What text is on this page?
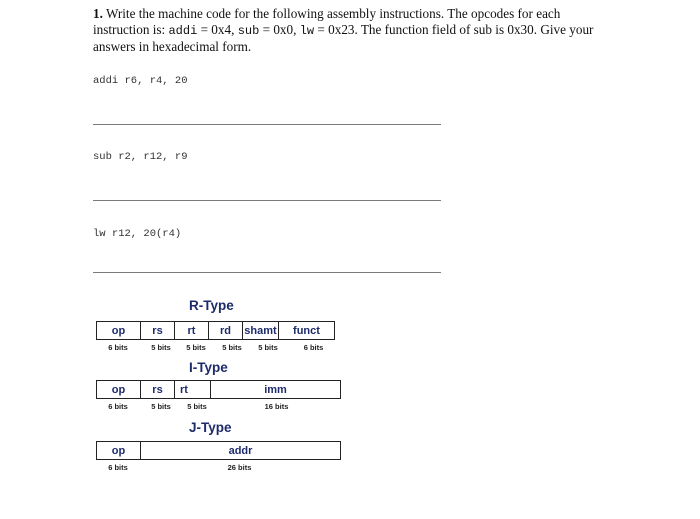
1. Write the machine code for the following assembly instructions. The opcodes for each instruction is: addi = 0x4, sub = 0x0, lw = 0x23. The function field of sub is 0x30. Give your answers in hexadecimal form.
addi r6, r4, 20
sub r2, r12, r9
lw r12, 20(r4)
R-Type
op	rs	rt	rd	shamt	funct
6 bits	5 bits	5 bits	5 bits	5 bits	6 bits
I-Type
op	rs	rt	imm
6 bits	5 bits	5 bits	16 bits
J-Type
op	addr
6 bits	26 bits
